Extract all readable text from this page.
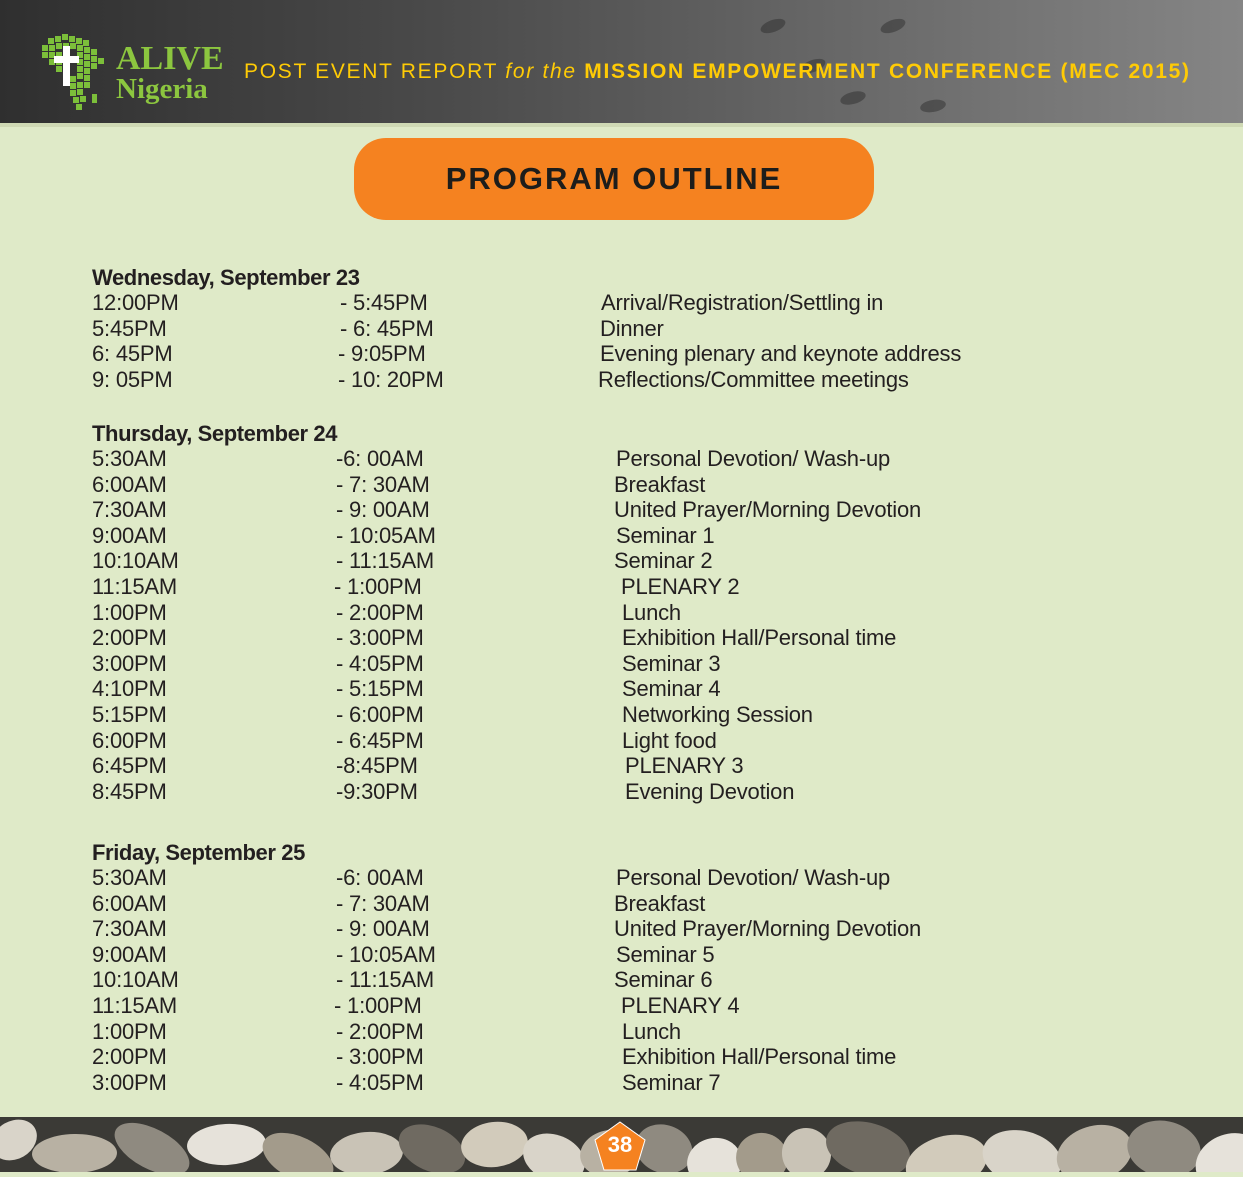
ALIVE
Nigeria
POST EVENT REPORT for the MISSION EMPOWERMENT CONFERENCE (MEC 2015)
PROGRAM OUTLINE
Wednesday, September 23
12:00PM	- 5:45PM	Arrival/Registration/Settling in
5:45PM	- 6: 45PM	Dinner
6: 45PM	- 9:05PM	Evening plenary and keynote address
9: 05PM	- 10: 20PM	Reflections/Committee meetings
Thursday, September 24
5:30AM	-6: 00AM	Personal Devotion/ Wash-up
6:00AM	- 7: 30AM	Breakfast
7:30AM	- 9: 00AM	United Prayer/Morning Devotion
9:00AM	- 10:05AM	Seminar 1
10:10AM	- 11:15AM	Seminar 2
11:15AM	- 1:00PM	PLENARY 2
1:00PM	- 2:00PM	Lunch
2:00PM	- 3:00PM	Exhibition Hall/Personal time
3:00PM	- 4:05PM	Seminar 3
4:10PM	- 5:15PM	Seminar 4
5:15PM	- 6:00PM	Networking Session
6:00PM	- 6:45PM	Light food
6:45PM	-8:45PM	PLENARY 3
8:45PM	-9:30PM	Evening Devotion
Friday, September 25
5:30AM	-6: 00AM	Personal Devotion/ Wash-up
6:00AM	- 7: 30AM	Breakfast
7:30AM	- 9: 00AM	United Prayer/Morning Devotion
9:00AM	- 10:05AM	Seminar 5
10:10AM	- 11:15AM	Seminar 6
11:15AM	- 1:00PM	PLENARY 4
1:00PM	- 2:00PM	Lunch
2:00PM	- 3:00PM	Exhibition Hall/Personal time
3:00PM	- 4:05PM	Seminar 7
38
